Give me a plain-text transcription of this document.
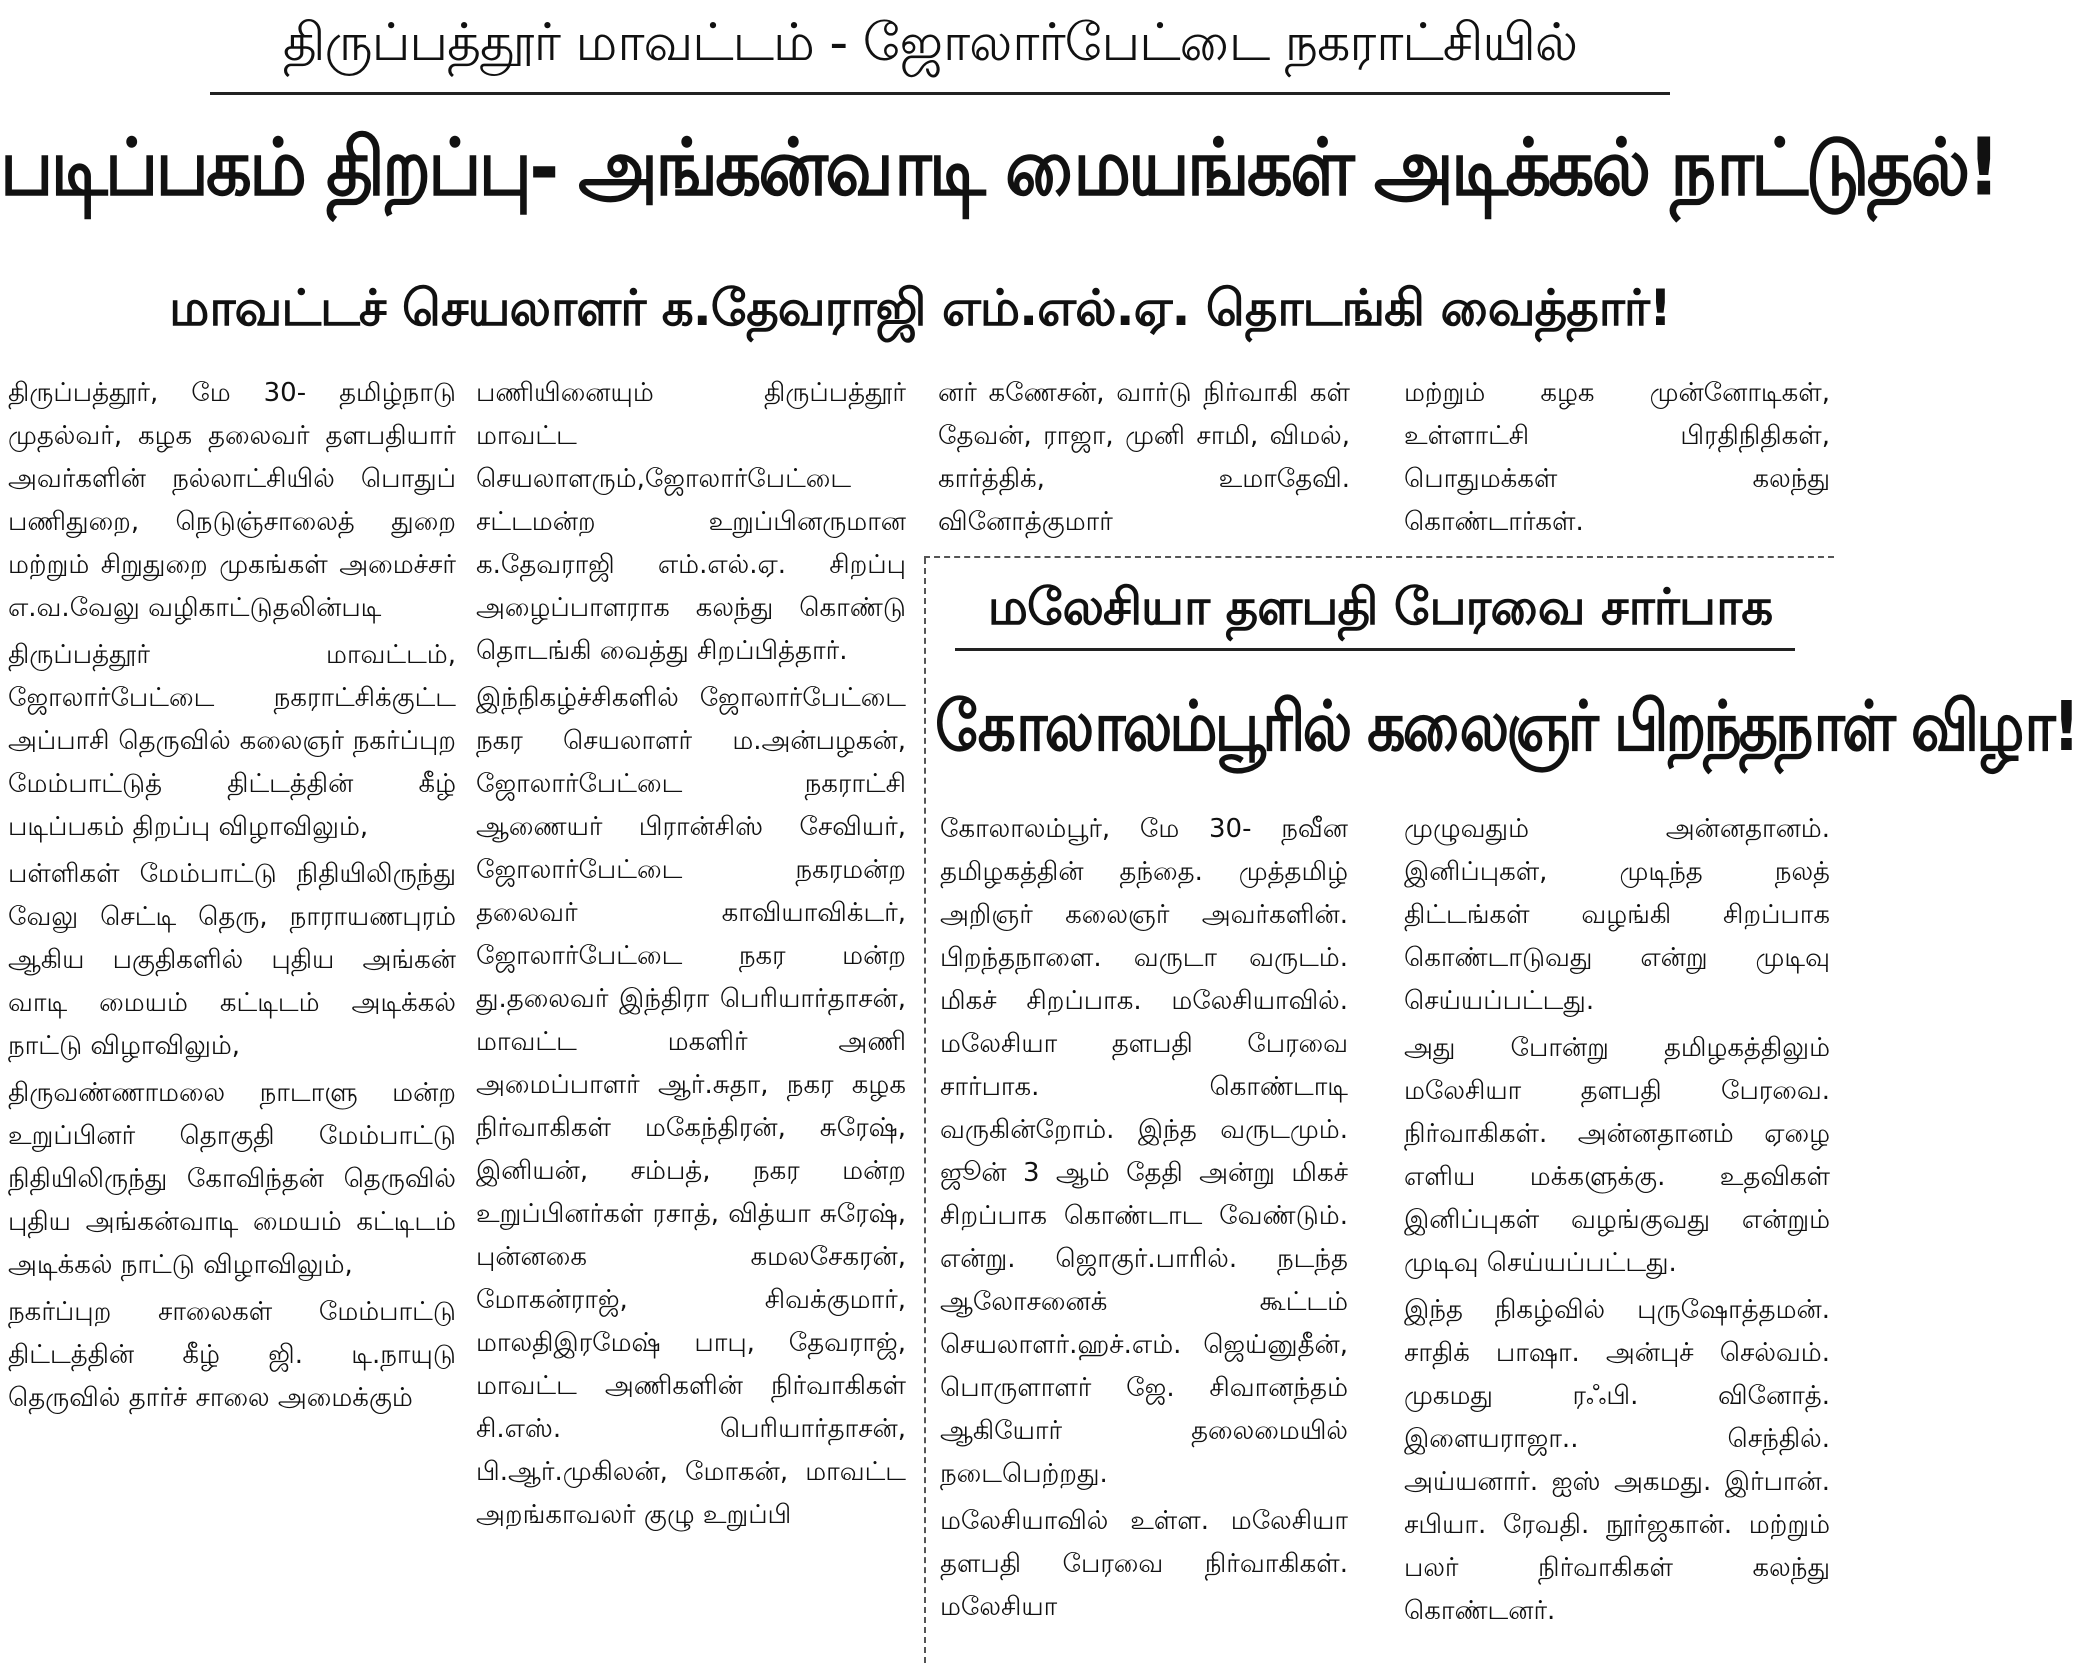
திருப்பத்தூர் மாவட்டம் - ஜோலார்பேட்டை நகராட்சியில்
படிப்பகம் திறப்பு- அங்கன்வாடி மையங்கள் அடிக்கல் நாட்டுதல்!
மாவட்டச் செயலாளர் க.தேவராஜி எம்.எல்.ஏ. தொடங்கி வைத்தார்!

திருப்பத்தூர், மே 30- தமிழ்நாடு முதல்வர், கழக தலைவர் தளபதியார் அவர்களின் நல்லாட்சியில் பொதுப் பணிதுறை, நெடுஞ்சாலைத் துறை மற்றும் சிறுதுறை முகங்கள் அமைச்சர் எ.வ.வேலு வழிகாட்டுதலின்படி

திருப்பத்தூர் மாவட்டம், ஜோலார்பேட்டை நகராட்சிக்குட்ட அப்பாசி தெருவில் கலைஞர் நகர்ப்புற மேம்பாட்டுத் திட்டத்தின் கீழ் படிப்பகம் திறப்பு விழாவிலும்,

பள்ளிகள் மேம்பாட்டு நிதியிலிருந்து வேலு செட்டி தெரு, நாராயணபுரம் ஆகிய பகுதிகளில் புதிய அங்கன் வாடி மையம் கட்டிடம் அடிக்கல் நாட்டு விழாவிலும்,

திருவண்ணாமலை நாடாளு மன்ற உறுப்பினர் தொகுதி மேம்பாட்டு நிதியிலிருந்து கோவிந்தன் தெருவில் புதிய அங்கன்வாடி மையம் கட்டிடம் அடிக்கல் நாட்டு விழாவிலும்,

நகர்ப்புற சாலைகள் மேம்பாட்டு திட்டத்தின் கீழ் ஜி. டி.நாயுடு தெருவில் தார்ச் சாலை அமைக்கும்

பணியினையும் திருப்பத்தூர் மாவட்ட செயலாளரும்,ஜோலார்பேட்டை சட்டமன்ற உறுப்பினருமான க.தேவராஜி எம்.எல்.ஏ. சிறப்பு அழைப்பாளராக கலந்து கொண்டு தொடங்கி வைத்து சிறப்பித்தார்.

இந்நிகழ்ச்சிகளில் ஜோலார்பேட்டை நகர செயலாளர் ம.அன்பழகன், ஜோலார்பேட்டை நகராட்சி ஆணையர் பிரான்சிஸ் சேவியர், ஜோலார்பேட்டை நகரமன்ற தலைவர் காவியாவிக்டர், ஜோலார்பேட்டை நகர மன்ற து.தலைவர் இந்திரா பெரியார்தாசன், மாவட்ட மகளிர் அணி அமைப்பாளர் ஆர்.சுதா, நகர கழக நிர்வாகிகள் மகேந்திரன், சுரேஷ், இனியன், சம்பத், நகர மன்ற உறுப்பினர்கள் ரசாத், வித்யா சுரேஷ், புன்னகை கமலசேகரன், மோகன்ராஜ், சிவக்குமார், மாலதிஇரமேஷ் பாபு, தேவராஜ், மாவட்ட அணிகளின் நிர்வாகிகள் சி.எஸ். பெரியார்தாசன், பி.ஆர்.முகிலன், மோகன், மாவட்ட அறங்காவலர் குழு உறுப்பி

னர் கணேசன், வார்டு நிர்வாகி கள் தேவன், ராஜா, முனி சாமி, விமல், கார்த்திக், உமாதேவி. வினோத்குமார்

மற்றும் கழக முன்னோடிகள், உள்ளாட்சி பிரதிநிதிகள், பொதுமக்கள் கலந்து கொண்டார்கள்.

மலேசியா தளபதி பேரவை சார்பாக
கோலாலம்பூரில் கலைஞர் பிறந்தநாள் விழா!

கோலாலம்பூர், மே 30- நவீன தமிழகத்தின் தந்தை. முத்தமிழ் அறிஞர் கலைஞர் அவர்களின். பிறந்தநாளை. வருடா வருடம். மிகச் சிறப்பாக. மலேசியாவில். மலேசியா தளபதி பேரவை சார்பாக. கொண்டாடி வருகின்றோம். இந்த வருடமும். ஜூன் 3 ஆம் தேதி அன்று மிகச் சிறப்பாக கொண்டாட வேண்டும். என்று. ஜொகுர்.பாரில். நடந்த ஆலோசனைக் கூட்டம் செயலாளர்.ஹச்.எம். ஜெய்னுதீன், பொருளாளர் ஜே. சிவானந்தம் ஆகியோர் தலைமையில் நடைபெற்றது.

மலேசியாவில் உள்ள. மலேசியா தளபதி பேரவை நிர்வாகிகள். மலேசியா

முழுவதும் அன்னதானம். இனிப்புகள், முடிந்த நலத் திட்டங்கள் வழங்கி சிறப்பாக கொண்டாடுவது என்று முடிவு செய்யப்பட்டது.

அது போன்று தமிழகத்திலும் மலேசியா தளபதி பேரவை. நிர்வாகிகள். அன்னதானம் ஏழை எளிய மக்களுக்கு. உதவிகள் இனிப்புகள் வழங்குவது என்றும் முடிவு செய்யப்பட்டது.

இந்த நிகழ்வில் புருஷோத்தமன். சாதிக் பாஷா. அன்புச் செல்வம். முகமது ரஃபி. வினோத். இளையராஜா.. செந்தில். அய்யனார். ஐஸ் அகமது. இர்பான். சபியா. ரேவதி. நூர்ஜகான். மற்றும் பலர் நிர்வாகிகள் கலந்து கொண்டனர்.
